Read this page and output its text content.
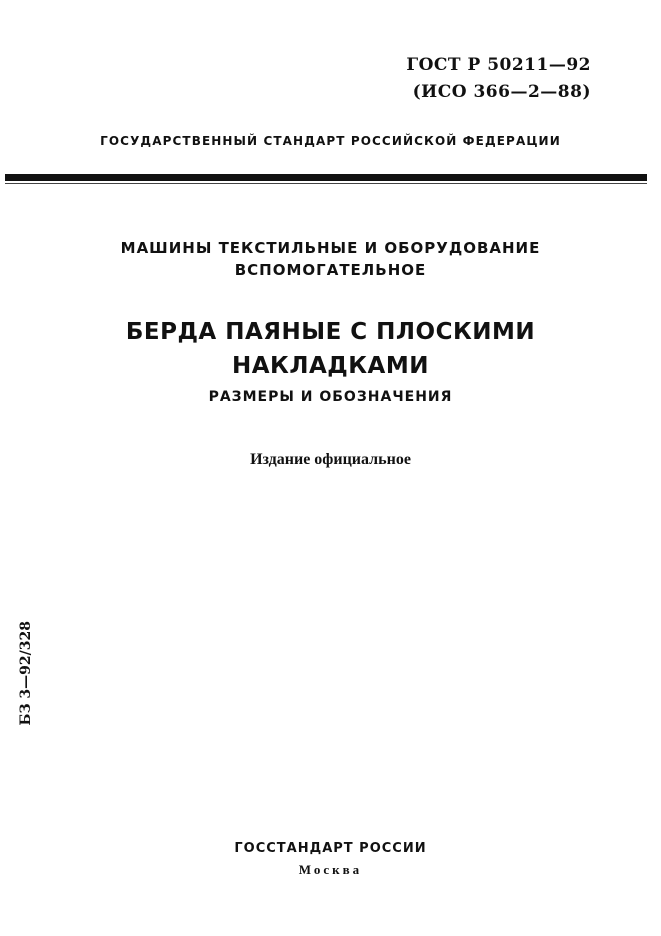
ГОСТ Р 50211—92
(ИСО 366—2—88)
ГОСУДАРСТВЕННЫЙ СТАНДАРТ РОССИЙСКОЙ ФЕДЕРАЦИИ
МАШИНЫ ТЕКСТИЛЬНЫЕ И ОБОРУДОВАНИЕ
ВСПОМОГАТЕЛЬНОЕ
БЕРДА ПАЯНЫЕ С ПЛОСКИМИ
НАКЛАДКАМИ
РАЗМЕРЫ И ОБОЗНАЧЕНИЯ
Издание официальное
БЗ 3—92/328
ГОССТАНДАРТ РОССИИ
Москва
